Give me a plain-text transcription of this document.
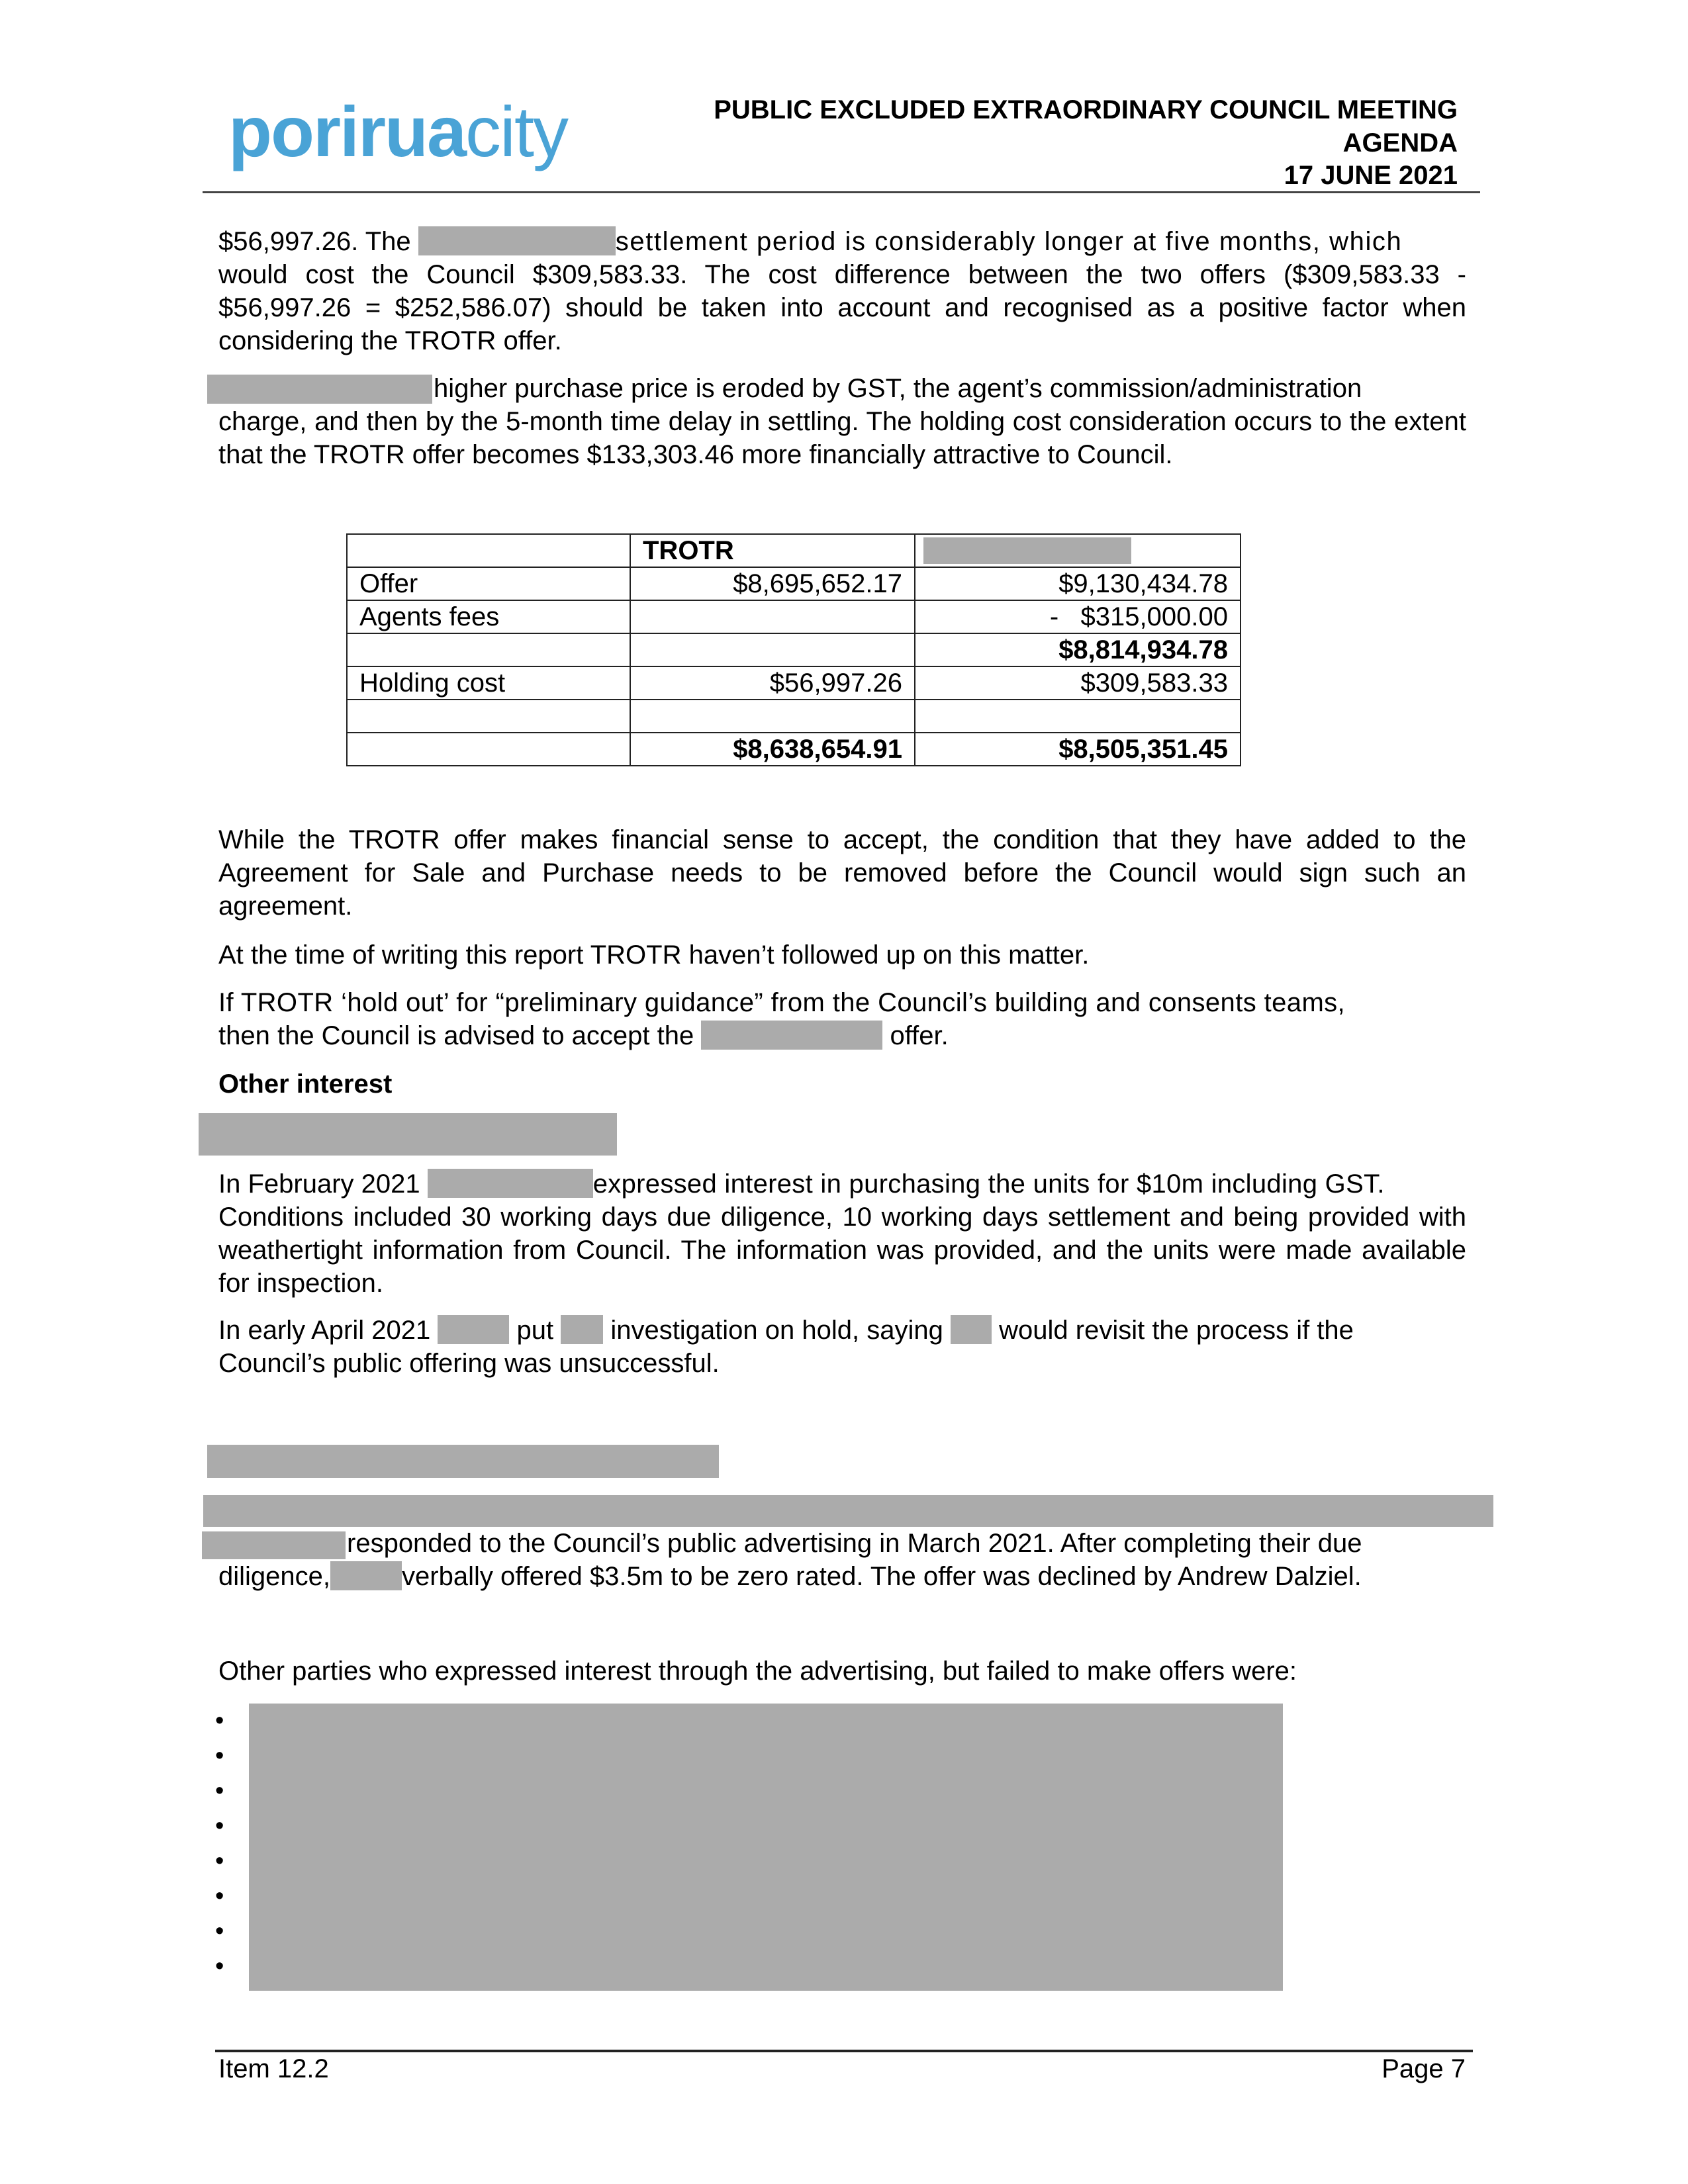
poriruacity	PUBLIC EXCLUDED EXTRAORDINARY COUNCIL MEETING
AGENDA
17 JUNE 2021
$56,997.26. The	settlement period is considerably longer at five months, which

would cost the Council $309,583.33. The cost difference between the two offers ($309,583.33 - $56,997.26 = $252,586.07) should be taken into account and recognised as a positive factor when considering the TROTR offer.

higher purchase price is eroded by GST, the agent’s commission/administration

charge, and then by the 5-month time delay in settling. The holding cost consideration occurs to the extent that the TROTR offer becomes $133,303.46 more financially attractive to Council.

	TROTR	
Offer	$8,695,652.17	$9,130,434.78
Agents fees		-   $315,000.00
		$8,814,934.78
Holding cost	$56,997.26	$309,583.33

	$8,638,654.91	$8,505,351.45

While the TROTR offer makes financial sense to accept, the condition that they have added to the Agreement for Sale and Purchase needs to be removed before the Council would sign such an agreement.

At the time of writing this report TROTR haven’t followed up on this matter.

If TROTR ‘hold out’ for “preliminary guidance” from the Council’s building and consents teams,
then the Council is advised to accept the	offer.
Other interest
In February 2021	expressed interest in purchasing the units for $10m including GST.

Conditions included 30 working days due diligence, 10 working days settlement and being provided with weathertight information from Council. The information was provided, and the units were made available for inspection.

In early April 2021	put investigation on hold, saying would revisit the process if the
Council’s public offering was unsuccessful.
responded to the Council’s public advertising in March 2021. After completing their due
diligence,	verbally offered $3.5m to be zero rated. The offer was declined by Andrew Dalziel.
Other parties who expressed interest through the advertising, but failed to make offers were:
•
•
•
•
•
•
•
•
Item 12.2	Page 7
